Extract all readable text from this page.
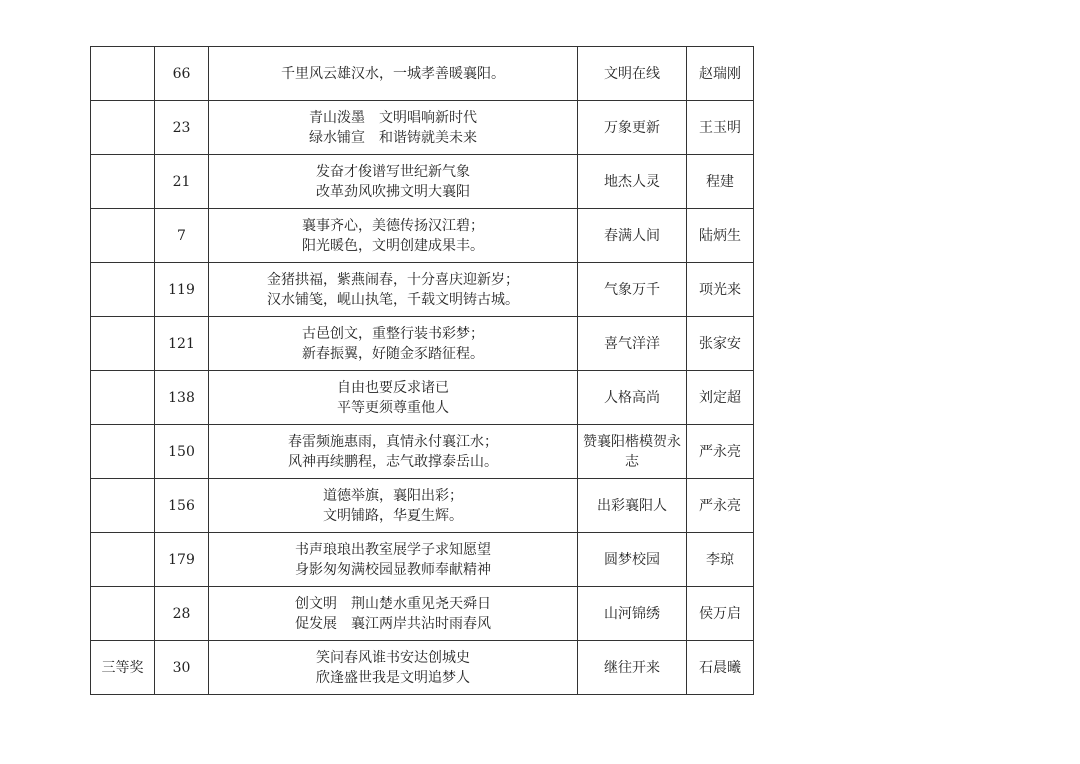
	66	千里风云雄汉水，一城孝善暖襄阳。	文明在线	赵瑞刚
	23	青山泼墨　文明唱响新时代
绿水铺宣　和谐铸就美未来	万象更新	王玉明
	21	发奋才俊谱写世纪新气象
改革劲风吹拂文明大襄阳	地杰人灵	程建
	7	襄事齐心，美德传扬汉江碧；
阳光暖色，文明创建成果丰。	春满人间	陆炳生
	119	金猪拱福，紫燕闹春，十分喜庆迎新岁；
汉水铺笺，岘山执笔，千载文明铸古城。	气象万千	项光来
	121	古邑创文，重整行装书彩梦；
新春振翼，好随金豕踏征程。	喜气洋洋	张家安
	138	自由也要反求诸已
平等更须尊重他人	人格高尚	刘定超
	150	春雷频施惠雨，真情永付襄江水；
风神再续鹏程，志气敢撑泰岳山。	赞襄阳楷模贺永志	严永亮
	156	道德举旗，襄阳出彩；
文明铺路，华夏生辉。	出彩襄阳人	严永亮
	179	书声琅琅出教室展学子求知愿望
身影匆匆满校园显教师奉献精神	圆梦校园	李琼
	28	创文明　荆山楚水重见尧天舜日
促发展　襄江两岸共沾时雨春风	山河锦绣	侯万启
三等奖	30	笑问春风谁书安达创城史
欣逢盛世我是文明追梦人	继往开来	石晨曦
